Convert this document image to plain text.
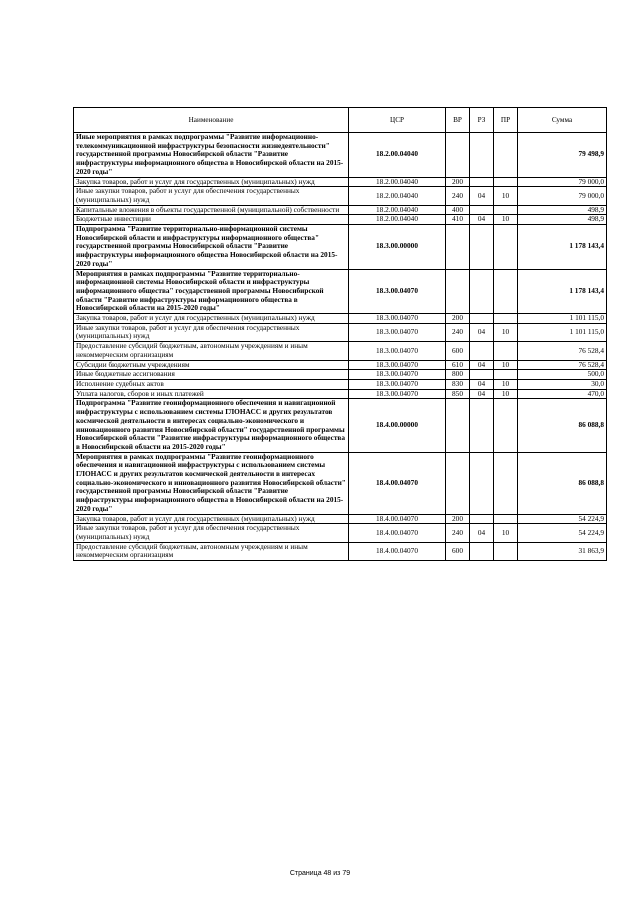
Наименование	ЦСР	ВР	РЗ	ПР	Сумма
Иные мероприятия в рамках подпрограммы "Развитие информационно-телекоммуникационной инфраструктуры безопасности жизнедеятельности" государственной программы Новосибирской области "Развитие инфраструктуры информационного общества в Новосибирской области на 2015-2020 годы"	18.2.00.04040				79 498,9
Закупка товаров, работ и услуг для государственных (муниципальных) нужд	18.2.00.04040	200			79 000,0
Иные закупки товаров, работ и услуг для обеспечения государственных (муниципальных) нужд	18.2.00.04040	240	04	10	79 000,0
Капитальные вложения в объекты государственной (муниципальной) собственности	18.2.00.04040	400			498,9
Бюджетные инвестиции	18.2.00.04040	410	04	10	498,9
Подпрограмма "Развитие территориально-информационной системы Новосибирской области и инфраструктуры информационного общества" государственной программы Новосибирской области "Развитие инфраструктуры информационного общества Новосибирской области на 2015-2020 годы"	18.3.00.00000				1 178 143,4
Мероприятия в рамках подпрограммы "Развитие территориально-информационной системы Новосибирской области и инфраструктуры информационного общества" государственной программы Новосибирской области "Развитие инфраструктуры информационного общества в Новосибирской области на 2015-2020 годы"	18.3.00.04070				1 178 143,4
Закупка товаров, работ и услуг для государственных (муниципальных) нужд	18.3.00.04070	200			1 101 115,0
Иные закупки товаров, работ и услуг для обеспечения государственных (муниципальных) нужд	18.3.00.04070	240	04	10	1 101 115,0
Предоставление субсидий бюджетным, автономным учреждениям и иным некоммерческим организациям	18.3.00.04070	600			76 528,4
Субсидии бюджетным учреждениям	18.3.00.04070	610	04	10	76 528,4
Иные бюджетные ассигнования	18.3.00.04070	800			500,0
Исполнение судебных актов	18.3.00.04070	830	04	10	30,0
Уплата налогов, сборов и иных платежей	18.3.00.04070	850	04	10	470,0
Подпрограмма "Развитие геоинформационного обеспечения и навигационной инфраструктуры с использованием системы ГЛОНАСС и других результатов космической деятельности в интересах социально-экономического и инновационного развития Новосибирской области" государственной программы Новосибирской области "Развитие инфраструктуры информационного общества в Новосибирской области на 2015-2020 годы"	18.4.00.00000				86 088,8
Мероприятия в рамках подпрограммы "Развитие геоинформационного обеспечения и навигационной инфраструктуры с использованием системы ГЛОНАСС и других результатов космической деятельности в интересах социально-экономического и инновационного развития Новосибирской области" государственной программы Новосибирской области "Развитие инфраструктуры информационного общества в Новосибирской области на 2015-2020 годы"	18.4.00.04070				86 088,8
Закупка товаров, работ и услуг для государственных (муниципальных) нужд	18.4.00.04070	200			54 224,9
Иные закупки товаров, работ и услуг для обеспечения государственных (муниципальных) нужд	18.4.00.04070	240	04	10	54 224,9
Предоставление субсидий бюджетным, автономным учреждениям и иным некоммерческим организациям	18.4.00.04070	600			31 863,9
Страница 48 из 79
